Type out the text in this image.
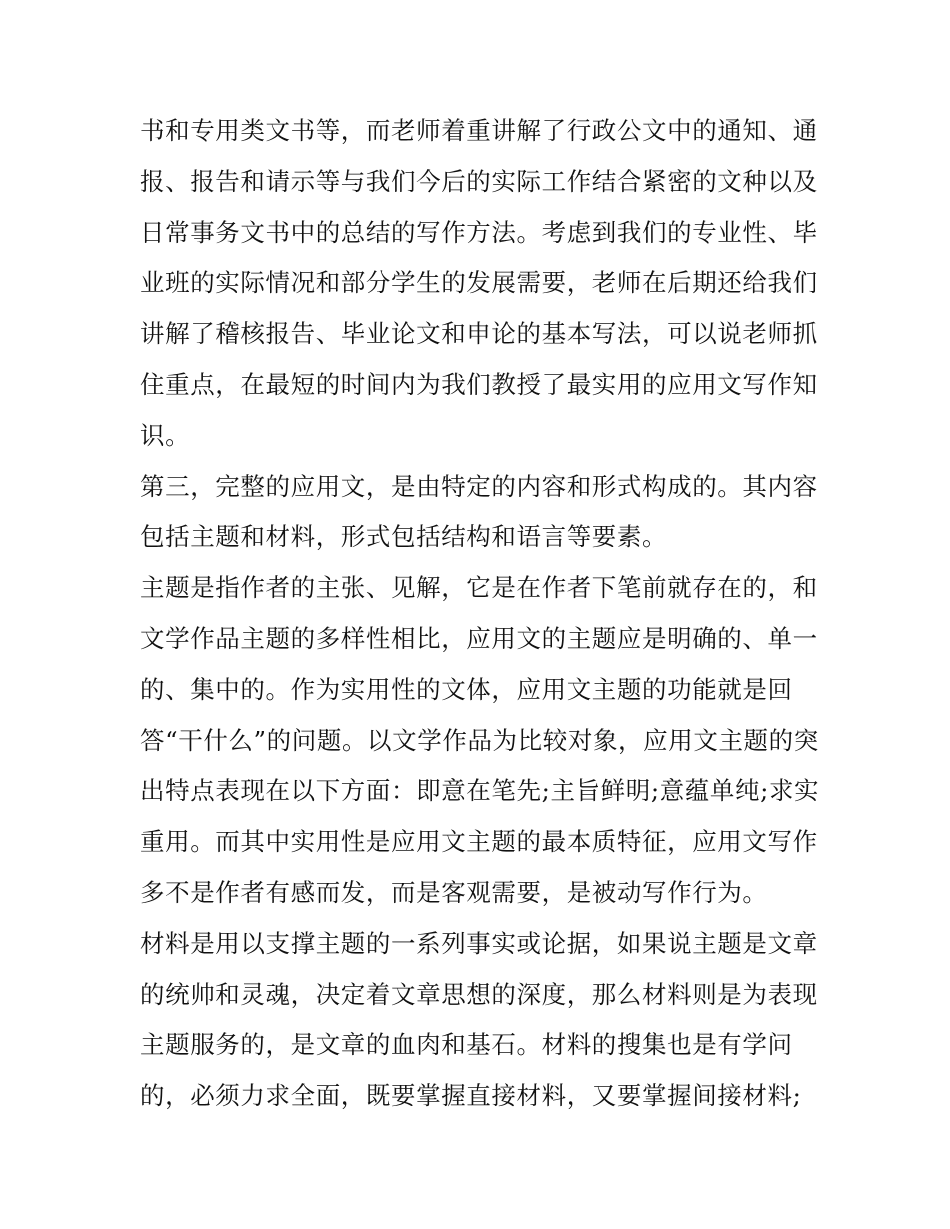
书和专用类文书等，而老师着重讲解了行政公文中的通知、通
报、报告和请示等与我们今后的实际工作结合紧密的文种以及
日常事务文书中的总结的写作方法。考虑到我们的专业性、毕
业班的实际情况和部分学生的发展需要，老师在后期还给我们
讲解了稽核报告、毕业论文和申论的基本写法，可以说老师抓
住重点，在最短的时间内为我们教授了最实用的应用文写作知
识。
第三，完整的应用文，是由特定的内容和形式构成的。其内容
包括主题和材料，形式包括结构和语言等要素。
主题是指作者的主张、见解，它是在作者下笔前就存在的，和
文学作品主题的多样性相比，应用文的主题应是明确的、单一
的、集中的。作为实用性的文体，应用文主题的功能就是回
答“干什么”的问题。以文学作品为比较对象，应用文主题的突
出特点表现在以下方面：即意在笔先;主旨鲜明;意蕴单纯;求实
重用。而其中实用性是应用文主题的最本质特征，应用文写作
多不是作者有感而发，而是客观需要，是被动写作行为。
材料是用以支撑主题的一系列事实或论据，如果说主题是文章
的统帅和灵魂，决定着文章思想的深度，那么材料则是为表现
主题服务的，是文章的血肉和基石。材料的搜集也是有学问
的，必须力求全面，既要掌握直接材料，又要掌握间接材料;
